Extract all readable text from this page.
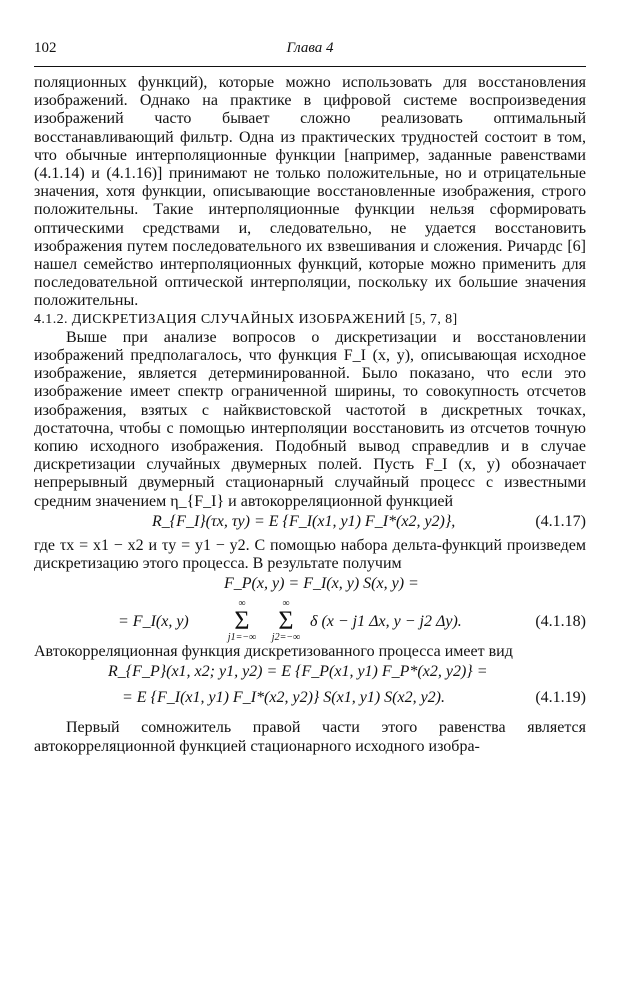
102	Глава 4

поляционных функций), которые можно использовать для восстановления изображений. Однако на практике в цифровой системе воспроизведения изображений часто бывает сложно реализовать оптимальный восстанавливающий фильтр. Одна из практических трудностей состоит в том, что обычные интерполяционные функции [например, заданные равенствами (4.1.14) и (4.1.16)] принимают не только положительные, но и отрицательные значения, хотя функции, описывающие восстановленные изображения, строго положительны. Такие интерполяционные функции нельзя сформировать оптическими средствами и, следовательно, не удается восстановить изображения путем последовательного их взвешивания и сложения. Ричардс [6] нашел семейство интерполяционных функций, которые можно применить для последовательной оптической интерполяции, поскольку их большие значения положительны.

4.1.2. ДИСКРЕТИЗАЦИЯ СЛУЧАЙНЫХ ИЗОБРАЖЕНИЙ [5, 7, 8]

Выше при анализе вопросов о дискретизации и восстановлении изображений предполагалось, что функция F_I (x, y), описывающая исходное изображение, является детерминированной. Было показано, что если это изображение имеет спектр ограниченной ширины, то совокупность отсчетов изображения, взятых с найквистовской частотой в дискретных точках, достаточна, чтобы с помощью интерполяции восстановить из отсчетов точную копию исходного изображения. Подобный вывод справедлив и в случае дискретизации случайных двумерных полей. Пусть F_I (x, y) обозначает непрерывный двумерный стационарный случайный процесс с известными средним значением η_{F_I} и автокорреляционной функцией

R_{F_I}(τx, τy) = E {F_I(x1, y1) F_I*(x2, y2)},	(4.1.17)

где τx = x1 − x2 и τy = y1 − y2. С помощью набора дельта-функций произведем дискретизацию этого процесса. В результате получим

F_P(x, y) = F_I(x, y) S(x, y) =
= F_I(x, y)
∞
Σ
j1=−∞
∞
Σ
j2=−∞
δ (x − j1 Δx, y − j2 Δy).	(4.1.18)

Автокорреляционная функция дискретизованного процесса имеет вид

R_{F_P}(x1, x2; y1, y2) = E {F_P(x1, y1) F_P*(x2, y2)} =
= E {F_I(x1, y1) F_I*(x2, y2)} S(x1, y1) S(x2, y2).	(4.1.19)

Первый сомножитель правой части этого равенства является автокорреляционной функцией стационарного исходного изобра-
